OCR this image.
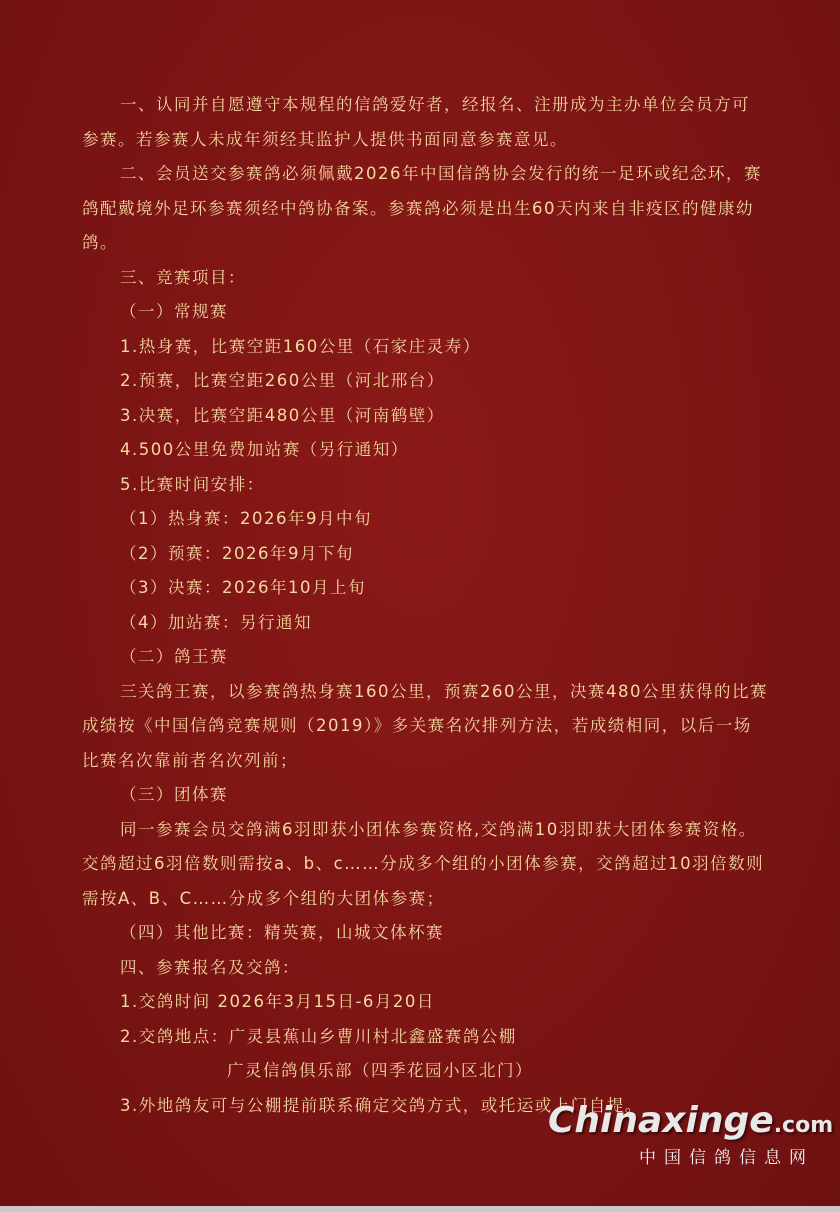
一、认同并自愿遵守本规程的信鸽爱好者，经报名、注册成为主办单位会员方可
参赛。若参赛人未成年须经其监护人提供书面同意参赛意见。
二、会员送交参赛鸽必须佩戴2026年中国信鸽协会发行的统一足环或纪念环，赛
鸽配戴境外足环参赛须经中鸽协备案。参赛鸽必须是出生60天内来自非疫区的健康幼
鸽。
三、竞赛项目：
（一）常规赛
1.热身赛，比赛空距160公里（石家庄灵寿）
2.预赛，比赛空距260公里（河北邢台）
3.决赛，比赛空距480公里（河南鹤壁）
4.500公里免费加站赛（另行通知）
5.比赛时间安排：
（1）热身赛：2026年9月中旬
（2）预赛：2026年9月下旬
（3）决赛：2026年10月上旬
（4）加站赛：另行通知
（二）鸽王赛
三关鸽王赛，以参赛鸽热身赛160公里，预赛260公里，决赛480公里获得的比赛
成绩按《中国信鸽竞赛规则（2019）》多关赛名次排列方法，若成绩相同，以后一场
比赛名次靠前者名次列前；
（三）团体赛
同一参赛会员交鸽满6羽即获小团体参赛资格,交鸽满10羽即获大团体参赛资格。
交鸽超过6羽倍数则需按a、b、c……分成多个组的小团体参赛，交鸽超过10羽倍数则
需按A、B、C……分成多个组的大团体参赛；
（四）其他比赛：精英赛，山城文体杯赛
四、参赛报名及交鸽：
1.交鸽时间 2026年3月15日-6月20日
2.交鸽地点：广灵县蕉山乡曹川村北鑫盛赛鸽公棚
广灵信鸽俱乐部（四季花园小区北门）
3.外地鸽友可与公棚提前联系确定交鸽方式，或托运或上门自提。
Chinaxinge.com
中国信鸽信息网
